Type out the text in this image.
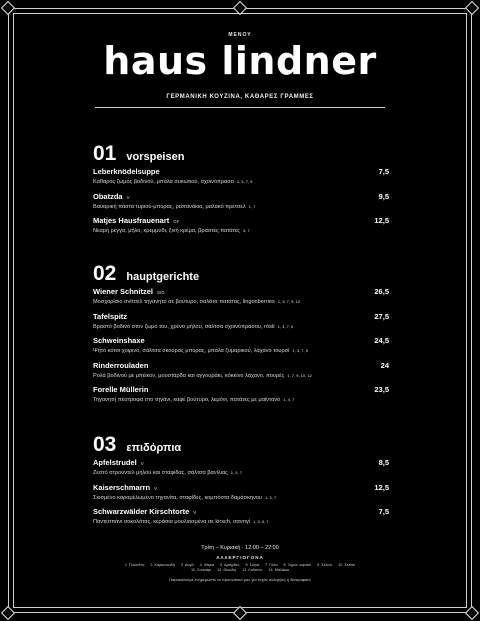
ΜΕΝΟΥ
haus lindner
ΓΕΡΜΑΝΙΚΗ ΚΟΥΖΙΝΑ, ΚΑΘΑΡΕΣ ΓΡΑΜΜΕΣ
01 vorspeisen
Leberknödelsuppe	7,5
Καθαρός ζωμός βοδινού, μπάλα συκωτιού, σχοινόπρασο 1, 3, 7, 9
Obatzda V	9,5
Βαυαρική πάστα τυριού-μπύρας, ραπανάκια, μαλακό πρέτσελ 1, 7
Matjes Hausfrauenart GF	12,5
Νεαρή ρέγγα, μήλο, κρεμμύδι, ξινή κρέμα, βραστές πατάτες 4, 7
02 hauptgerichte
Wiener Schnitzel SIG	26,5
Μοσχαρίσιο σνίτσελ τηγανητό σε βούτυρο, σαλάτα πατάτας, lingonberries 1, 3, 7, 9, 10
Tafelspitz	27,5
Βραστό βοδινό στον ζωμό του, χρένο μήλου, σάλτσα σχοινόπρασου, rösti 1, 3, 7, 9
Schweinshaxe	24,5
Ψητό κότσι χοιρινό, σάλτσα σκούρας μπύρας, μπάλα ζυμαρικού, λάχανο τουρσί 1, 3, 7, 9
Rinderrouladen	24
Ρολά βοδινού με μπέικον, μουστάρδα και αγγουράκι, κόκκινο λάχανο, πουρές 1, 7, 9, 10, 12
Forelle Müllerin	23,5
Τηγανητή πέστροφα στο τηγάνι, καφέ βούτυρο, λεμόνι, πατάτες με μαϊντανό 1, 4, 7
03 επιδόρπια
Apfelstrudel V	8,5
Ζεστό στρούντελ μήλου και σταφίδας, σάλτσα βανίλιας 1, 3, 7
Kaiserschmarrn V	12,5
Σκισμένο καραμελωμένο τηγανίτα, σταφίδες, κομπόστα δαμάσκηνου 1, 3, 7
Schwarzwälder Kirschtorte V	7,5
Παντεσπάνι σοκολάτας, κεράσια μουλιασμένα σε kirsch, σαντιγί 1, 3, 6, 7
Τρίτη – Κυριακή · 12:00 – 22:00
ΑΛΛΕΡΓΙΟΓΟΝΑ
1 Γλουτένη 2 Καρκινοειδή 3 Αυγά 4 Ψάρια 5 Αραχίδες 6 Σόγια 7 Γάλα 8 Ξηροί καρποί 9 Σέλινο 10 Σινάπι
11 Σουσάμι 12 Θειώδη 13 Λούπινο 14 Μαλάκια
Παρακαλούμε ενημερώστε το προσωπικό μας για τυχόν αλλεργίες ή διατροφικές
